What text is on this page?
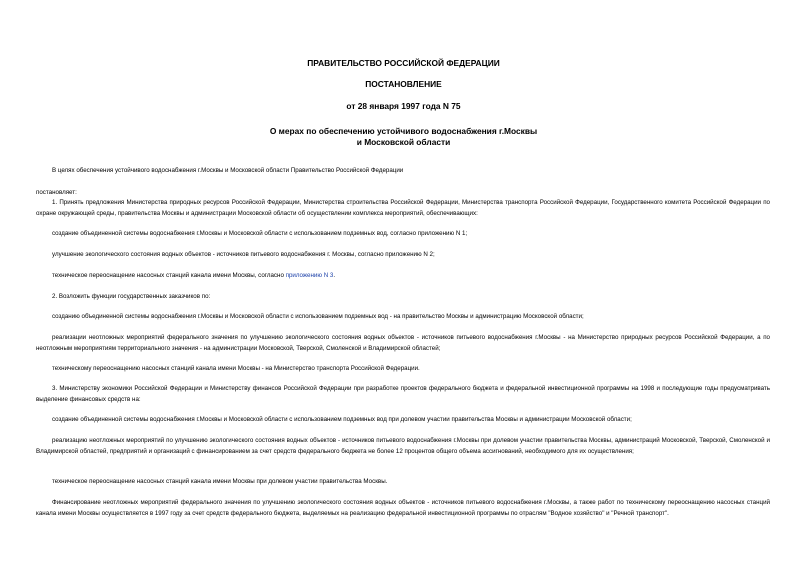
ПРАВИТЕЛЬСТВО РОССИЙСКОЙ ФЕДЕРАЦИИ
ПОСТАНОВЛЕНИЕ
от 28 января 1997 года N 75
О мерах по обеспечению устойчивого водоснабжения г.Москвы
и Московской области
В целях обеспечения устойчивого водоснабжения г.Москвы и Московской области Правительство Российской Федерации
постановляет:
1. Принять предложения Министерства природных ресурсов Российской Федерации, Министерства строительства Российской Федерации, Министерства транспорта Российской Федерации, Государственного комитета Российской Федерации по охране окружающей среды, правительства Москвы и администрации Московской области об осуществлении комплекса мероприятий, обеспечивающих:
создание объединенной системы водоснабжения г.Москвы и Московской области с использованием подземных вод, согласно приложению N 1;
улучшение экологического состояния водных объектов - источников питьевого водоснабжения г. Москвы, согласно приложению N 2;
техническое переоснащение насосных станций канала имени Москвы, согласно приложению N 3.
2. Возложить функции государственных заказчиков по:
созданию объединенной системы водоснабжения г.Москвы и Московской области с использованием подземных вод - на правительство Москвы и администрацию Московской области;
реализации неотложных мероприятий федерального значения по улучшению экологического состояния водных объектов - источников питьевого водоснабжения г.Москвы - на Министерство природных ресурсов Российской Федерации, а по неотложным мероприятиям территориального значения - на администрации Московской, Тверской, Смоленской и Владимирской областей;
техническому переоснащению насосных станций канала имени Москвы - на Министерство транспорта Российской Федерации.
3. Министерству экономики Российской Федерации и Министерству финансов Российской Федерации при разработке проектов федерального бюджета и федеральной инвестиционной программы на 1998 и последующие годы предусматривать выделение финансовых средств на:
создание объединенной системы водоснабжения г.Москвы и Московской области с использованием подземных вод при долевом участии правительства Москвы и администрации Московской области;
реализацию неотложных мероприятий по улучшению экологического состояния водных объектов - источников питьевого водоснабжения г.Москвы при долевом участии правительства Москвы, администраций Московской, Тверской, Смоленской и Владимирской областей, предприятий и организаций с финансированием за счет средств федерального бюджета не более 12 процентов общего объема ассигнований, необходимого для их осуществления;
техническое переоснащение насосных станций канала имени Москвы при долевом участии правительства Москвы.
Финансирование неотложных мероприятий федерального значения по улучшению экологического состояния водных объектов - источников питьевого водоснабжения г.Москвы, а также работ по техническому переоснащению насосных станций канала имени Москвы осуществляется в 1997 году за счет средств федерального бюджета, выделяемых на реализацию федеральной инвестиционной программы по отраслям "Водное хозяйство" и "Речной транспорт".
